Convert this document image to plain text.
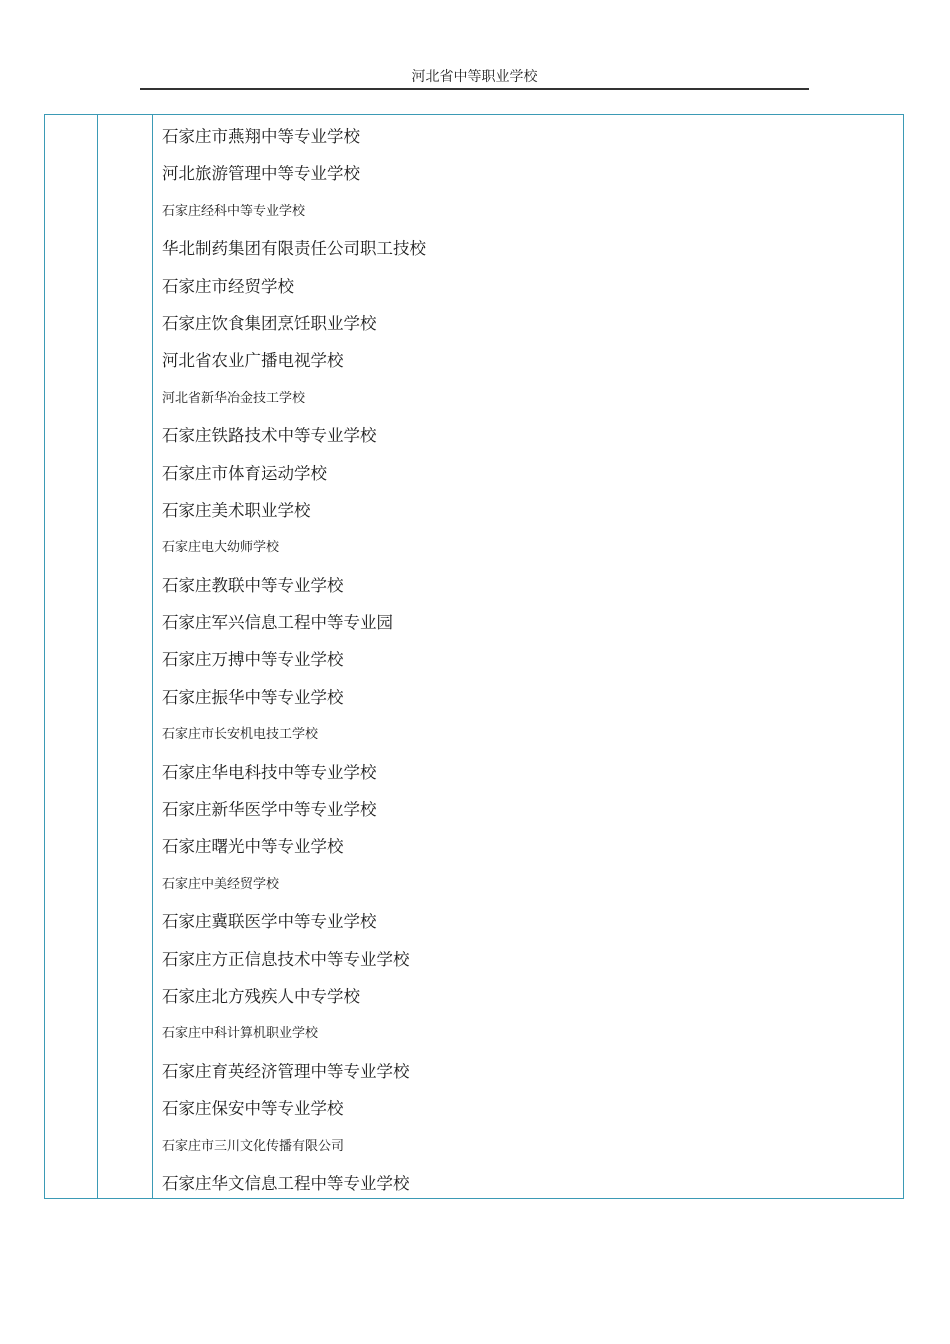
河北省中等职业学校
石家庄市燕翔中等专业学校
河北旅游管理中等专业学校
石家庄经科中等专业学校
华北制药集团有限责任公司职工技校
石家庄市经贸学校
石家庄饮食集团烹饪职业学校
河北省农业广播电视学校
河北省新华冶金技工学校
石家庄铁路技术中等专业学校
石家庄市体育运动学校
石家庄美术职业学校
石家庄电大幼师学校
石家庄教联中等专业学校
石家庄军兴信息工程中等专业园
石家庄万搏中等专业学校
石家庄振华中等专业学校
石家庄市长安机电技工学校
石家庄华电科技中等专业学校
石家庄新华医学中等专业学校
石家庄曙光中等专业学校
石家庄中美经贸学校
石家庄冀联医学中等专业学校
石家庄方正信息技术中等专业学校
石家庄北方残疾人中专学校
石家庄中科计算机职业学校
石家庄育英经济管理中等专业学校
石家庄保安中等专业学校
石家庄市三川文化传播有限公司
石家庄华文信息工程中等专业学校
